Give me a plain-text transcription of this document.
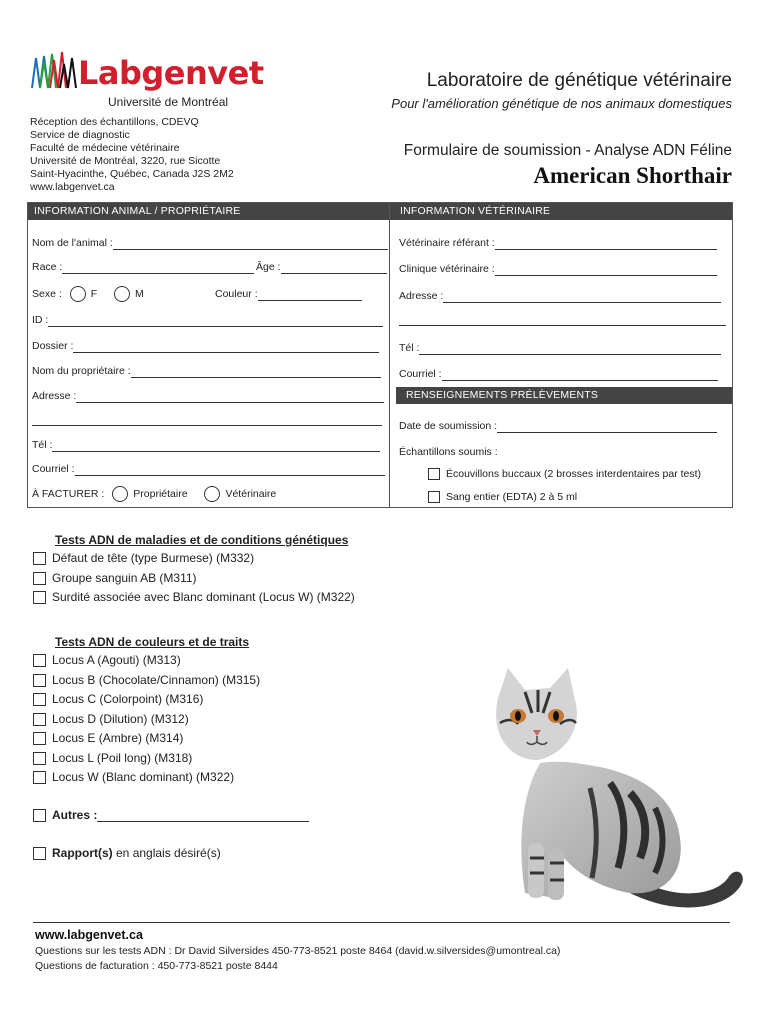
Labgenvet
Université de Montréal
Réception des échantillons, CDEVQ
Service de diagnostic
Faculté de médecine vétérinaire
Université de Montréal, 3220, rue Sicotte
Saint-Hyacinthe, Québec, Canada J2S 2M2
www.labgenvet.ca
Laboratoire de génétique vétérinaire
Pour l'amélioration génétique de nos animaux domestiques
Formulaire de soumission - Analyse ADN Féline
American Shorthair
INFORMATION ANIMAL / PROPRIÉTAIRE	INFORMATION VÉTÉRINAIRE
Nom de l'animal :
Race :	Âge :
Sexe :	F	M	Couleur :
ID :
Dossier :
Nom du propriétaire :
Adresse :
Tél :
Courriel :
À FACTURER :	Propriétaire	Vétérinaire
Vétérinaire référant :
Clinique vétérinaire :
Adresse :
Tél :
Courriel :
RENSEIGNEMENTS PRÉLÈVEMENTS
Date de soumission :
Échantillons soumis :
Écouvillons buccaux (2 brosses interdentaires par test)
Sang entier (EDTA) 2 à 5 ml
Tests ADN de maladies et de conditions génétiques
Défaut de tête (type Burmese) (M332)
Groupe sanguin AB (M311)
Surdité associée avec Blanc dominant (Locus W) (M322)
Tests ADN de couleurs et de traits
Locus A (Agouti) (M313)
Locus B (Chocolate/Cinnamon) (M315)
Locus C (Colorpoint) (M316)
Locus D (Dilution) (M312)
Locus E (Ambre) (M314)
Locus L (Poil long) (M318)
Locus W (Blanc dominant) (M322)
Autres :
Rapport(s) en anglais désiré(s)
www.labgenvet.ca
Questions sur les tests ADN : Dr David Silversides 450-773-8521 poste 8464 (david.w.silversides@umontreal.ca)
Questions de facturation : 450-773-8521 poste 8444
